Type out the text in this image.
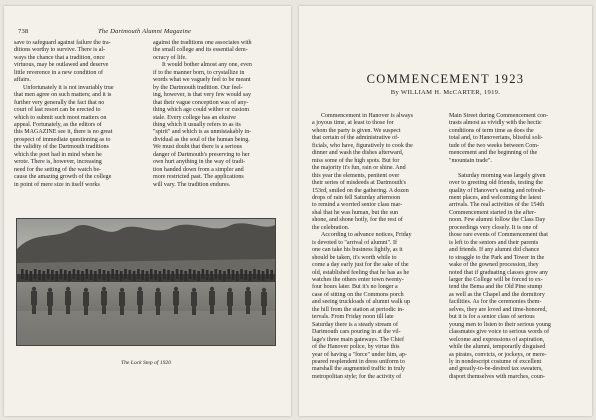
738	The Dartmouth Alumni Magazine
save to safeguard against failure the tra-
ditions worthy to survive. There is al-
ways the chance that a tradition, once
virtuous, may be outlawed and deserve
little reverence in a new condition of
affairs.
Unfortunately it is not invariably true
that men agree on such matters; and it is
further very generally the fact that no
court of last resort can be erected to
which to submit such moot matters on
appeal. Fortunately, as the editors of
this MAGAZINE see it, there is no great
prospect of immediate questioning as to
the validity of the Dartmouth traditions
which the poet had in mind when he
wrote. There is, however, increasing
need for the setting of the watch be-
cause the amazing growth of the college
in point of mere size in itself works
against the traditions one associates with
the small college and its essential dem-
ocracy of life.
It would bother almost any one, even
if to the manner born, to crystallize in
words what we vaguely feel to be meant
by the Dartmouth tradition. Our feel-
ing, however, is that very few would say
that their vague conception was of any-
thing which age could wither or custom
stale. Every college has an elusive
thing which it usually refers to as its
"spirit" and which is as unmistakably in-
dividual as the soul of the human being.
We must doubt that there is a serious
danger of Dartmouth's preserving to her
own hurt anything in the way of tradi-
tion handed down from a simpler and
more restricted past. The applications
will vary. The tradition endures.
The Lock Step of 1920
COMMENCEMENT 1923
By WILLIAM H. McCARTER, 1919.
Commencement in Hanover is always
a joyous time, at least to those for
whom the party is given. We suspect
that certain of the administrative of-
ficials, who have, figuratively to cook the
dinner and wash the dishes afterward,
miss some of the high spots. But for
the majority it's fun, rain or shine. And
this year the elements, penitent over
their series of misdeeds at Dartmouth's
153rd, smiled on the gathering. A dozen
drops of rain fell Saturday afternoon
to remind a worried senior class mar-
shal that he was human, but the sun
shone, and shone hotly, for the rest of
the celebration.
According to advance notices, Friday
is devoted to "arrival of alumni". If
one can take his business lightly, as it
should be taken, it's worth while to
come a day early just for the sake of the
old, established feeling that he has as he
watches the others enter town twenty-
four hours later. But it's no longer a
case of sitting on the Commons porch
and seeing truckloads of alumni walk up
the hill from the station at periodic in-
tervals. From Friday noon till late
Saturday there is a steady stream of
Dartmouth cars pouring in at the vil-
lage's three main gateways. The Chief
of the Hanover police, by virtue this
year of having a "force" under him, ap-
peared resplendent in dress uniform to
marshall the augmented traffic in truly
metropolitan style; for the activity of
Main Street during Commencement con-
trasts almost as vividly with the hectic
conditions of term time as does the
total and, to Hanoverians, blissful soli-
tude of the two weeks between Com-
mencement and the beginning of the
"mountain trade".

Saturday morning was largely given
over to greeting old friends, testing the
quality of Hanover's eating and refresh-
ment places, and welcoming the latest
arrivals. The real activities of the 154th
Commencement started in the after-
noon. Few alumni follow the Class Day
proceedings very closely. It is one of
those rare events of Commencement that
is left to the seniors and their parents
and friends. If any alumni did chance
to straggle to the Park and Tower in the
wake of the gowned procession, they
noted that if graduating classes grow any
larger the College will be forced to ex-
tend the Bema and the Old Pine stump
as well as the Chapel and the dormitory
facilities. As for the ceremonies them-
selves, they are loved and time-honored,
but it is for a senior class of serious
young men to listen to their serious young
classmates give voice to serious words of
welcome and expressions of aspiration,
while the alumni, temporarily disguised
as pirates, convicts, or jockeys, or mere-
ly in nondescript costume of excellent
and greatly-to-be-desired tax sweaters,
disport themselves with marches, coun-
